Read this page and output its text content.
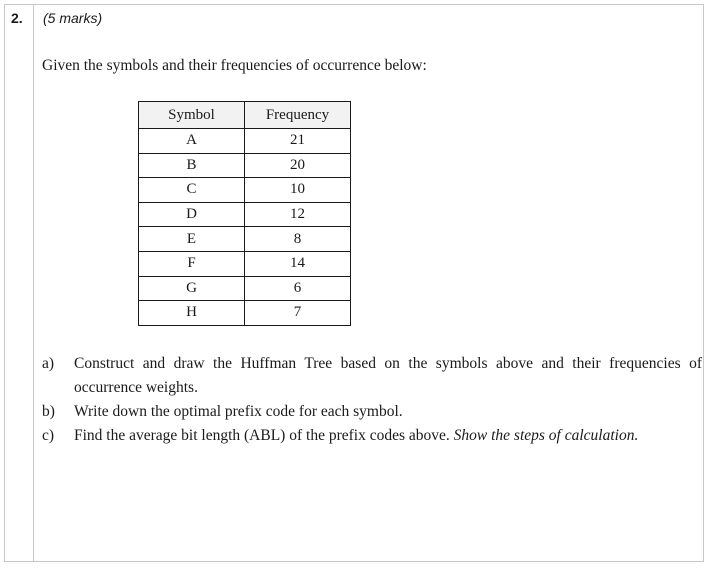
2. (5 marks)
Given the symbols and their frequencies of occurrence below:
Symbol	Frequency
A	21
B	20
C	10
D	12
E	8
F	14
G	6
H	7
a) Construct and draw the Huffman Tree based on the symbols above and their frequencies of occurrence weights.
b) Write down the optimal prefix code for each symbol.
c) Find the average bit length (ABL) of the prefix codes above. Show the steps of calculation.
